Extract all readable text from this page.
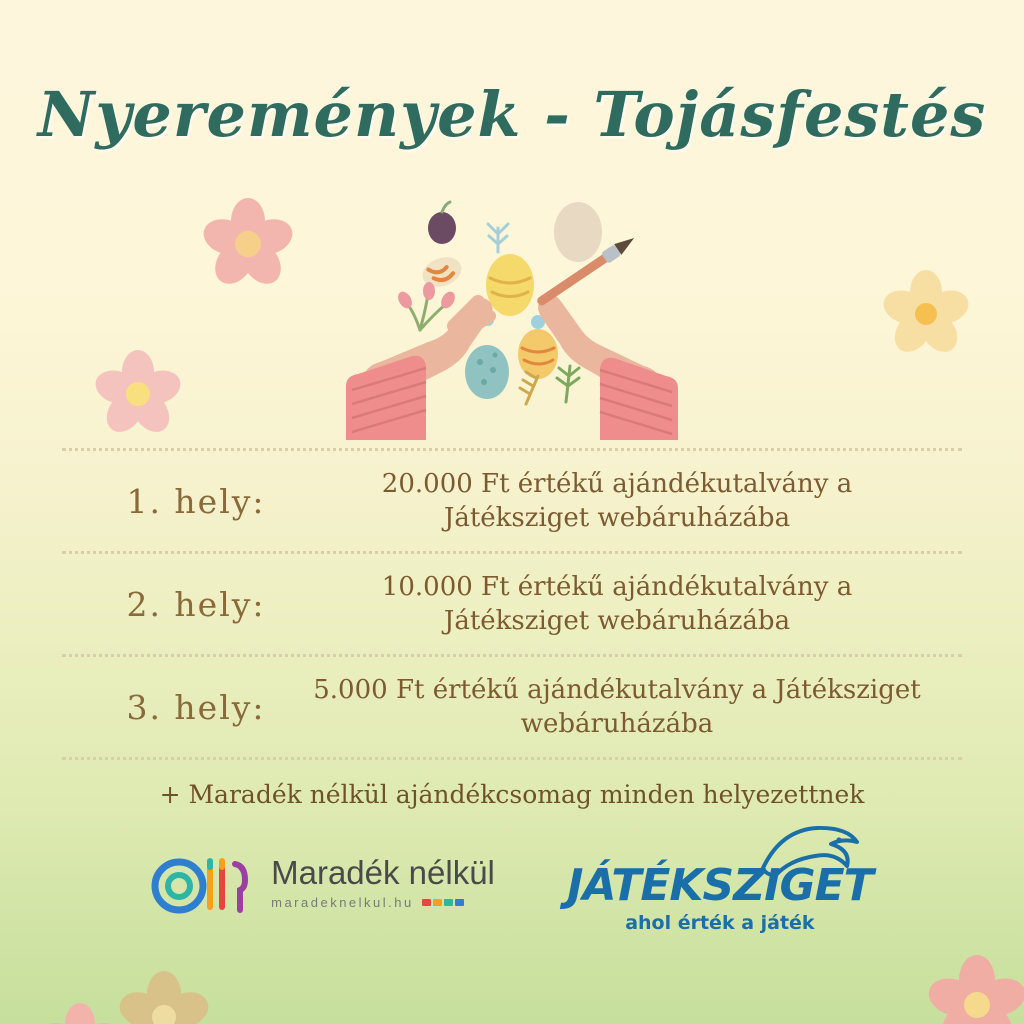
Nyeremények - Tojásfestés
1. hely:	20.000 Ft értékű ajándékutalvány a Játéksziget webáruházába
2. hely:	10.000 Ft értékű ajándékutalvány a Játéksziget webáruházába
3. hely:	5.000 Ft értékű ajándékutalvány a Játéksziget webáruházába
+ Maradék nélkül ajándékcsomag minden helyezettnek
Maradék nélkül
maradeknelkul.hu	JÁTÉKSZIGET
ahol érték a játék
